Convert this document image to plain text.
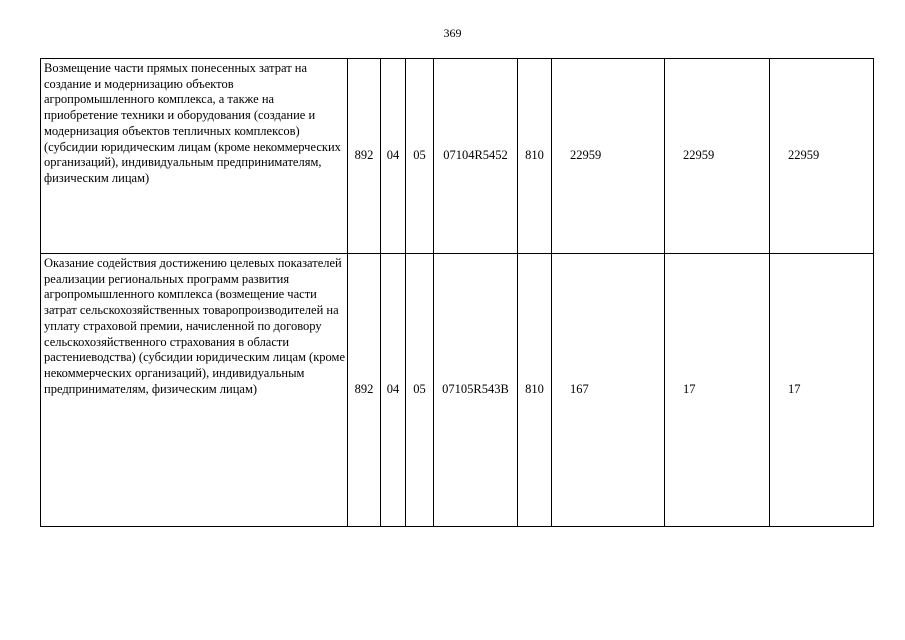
369
Возмещение части прямых понесенных затрат на создание и модернизацию объектов агропромышленного комплекса, а также на приобретение техники и оборудования (создание и модернизация объектов тепличных комплексов) (субсидии юридическим лицам (кроме некоммерческих организаций), индивидуальным предпринимателям, физическим лицам)	892	04	05	07104R5452	810	22959	22959	22959
Оказание содействия достижению целевых показателей реализации региональных программ развития агропромышленного комплекса (возмещение части затрат сельскохозяйственных товаропроизводителей на уплату страховой премии, начисленной по договору сельскохозяйственного страхования в области растениеводства) (субсидии юридическим лицам (кроме некоммерческих организаций), индивидуальным предпринимателям, физическим лицам)	892	04	05	07105R543B	810	167	17	17
